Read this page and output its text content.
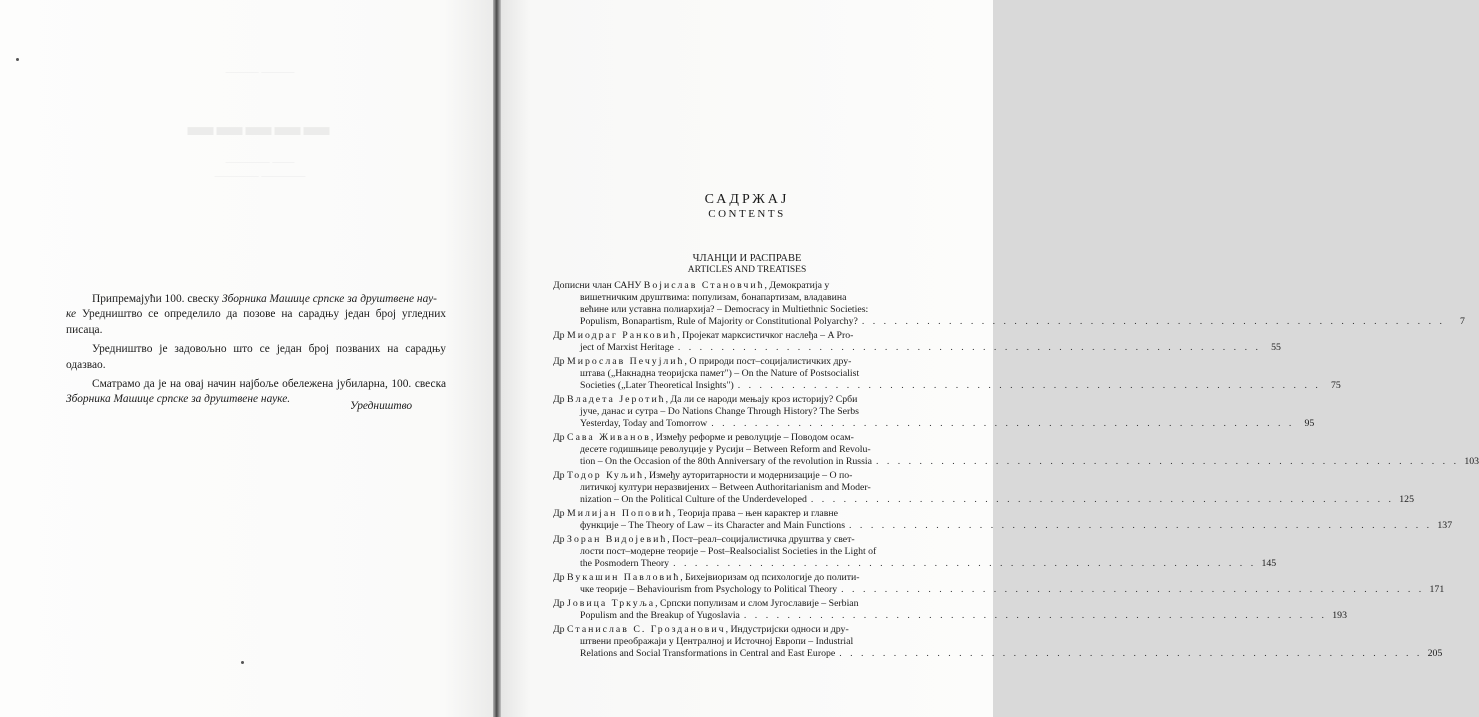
——— ———
▬▬▬▬▬
———— ——
———— ————

Припремајући 100. свеску Зборника Машице српске за друштвене нау-
ке Уредништво се определило да позове на сарадњу један број угледних писаца.

Уредништво је задовољно што се један број позваних на сарадњу одазвао.

Сматрамо да је на овај начин најбоље обележена јубиларна, 100. свеска Зборника Машице српске за друштвене науке.

Уредништво
САДРЖАЈ
CONTENTS
ЧЛАНЦИ И РАСПРАВЕ
ARTICLES AND TREATISES
Дописни члан САНУ Војислав Становчић, Демократија у
вишетничким друштвима: популизам, бонапартизам, владавина
већине или уставна полиархија? – Democracy in Multiethnic Societies:
Populism, Bonapartism, Rule of Majority or Constitutional Polyarchy? . . . . . . . . . . . . . . . . . . . . . . . . . . . . . . . . . . . . . . . . . . . . . . . . . . . . . .	7
Др Миодраг Ранковић, Пројекат марксистичког наслеђа – A Pro-
ject of Marxist Heritage . . . . . . . . . . . . . . . . . . . . . . . . . . . . . . . . . . . . . . . . . . . . . . . . . . . . . .	55
Др Мирослав Печујлић, О природи пост–социјалистичких дру-
штава („Накнадна теоријска памет") – On the Nature of Postsocialist
Societies („Later Theoretical Insights") . . . . . . . . . . . . . . . . . . . . . . . . . . . . . . . . . . . . . . . . . . . . . . . . . . . . . .	75
Др Владета Јеротић, Да ли се народи мењају кроз историју? Срби
јуче, данас и сутра – Do Nations Change Through History? The Serbs
Yesterday, Today and Tomorrow . . . . . . . . . . . . . . . . . . . . . . . . . . . . . . . . . . . . . . . . . . . . . . . . . . . . . .	95
Др Сава Живанов, Између реформе и револуције – Поводом осам-
десете годишњице револуције у Русији – Between Reform and Revolu-
tion – On the Occasion of the 80th Anniversary of the revolution in Russia . . . . . . . . . . . . . . . . . . . . . . . . . . . . . . . . . . . . . . . . . . . . . . . . . . . . . . 103
Др Тодор Куљић, Између ауторитарности и модернизације – О по-
литичкој култури неразвијених – Between Authoritarianism and Moder-
nization – On the Political Culture of the Underdeveloped . . . . . . . . . . . . . . . . . . . . . . . . . . . . . . . . . . . . . . . . . . . . . . . . . . . . . . 125
Др Милијан Поповић, Теорија права – њен карактер и главне
функције – The Theory of Law – its Character and Main Functions . . . . . . . . . . . . . . . . . . . . . . . . . . . . . . . . . . . . . . . . . . . . . . . . . . . . . . 137
Др Зоран Видојевић, Пост–реал–социјалистичка друштва у свет-
лости пост–модерне теорије – Post–Realsocialist Societies in the Light of
the Posmodern Theory . . . . . . . . . . . . . . . . . . . . . . . . . . . . . . . . . . . . . . . . . . . . . . . . . . . . . . 145
Др Вукашин Павловић, Бихејвиоризам од психологије до полити-
чке теорије – Behaviourism from Psychology to Political Theory . . . . . . . . . . . . . . . . . . . . . . . . . . . . . . . . . . . . . . . . . . . . . . . . . . . . . . 171
Др Јовица Тркуља, Српски популизам и слом Југославије – Serbian
Populism and the Breakup of Yugoslavia . . . . . . . . . . . . . . . . . . . . . . . . . . . . . . . . . . . . . . . . . . . . . . . . . . . . . . 193
Др Станислав С. Грозданович, Индустријски односи и дру-
штвени преображаји у Централној и Источној Европи – Industrial
Relations and Social Transformations in Central and East Europe . . . . . . . . . . . . . . . . . . . . . . . . . . . . . . . . . . . . . . . . . . . . . . . . . . . . . . 205
